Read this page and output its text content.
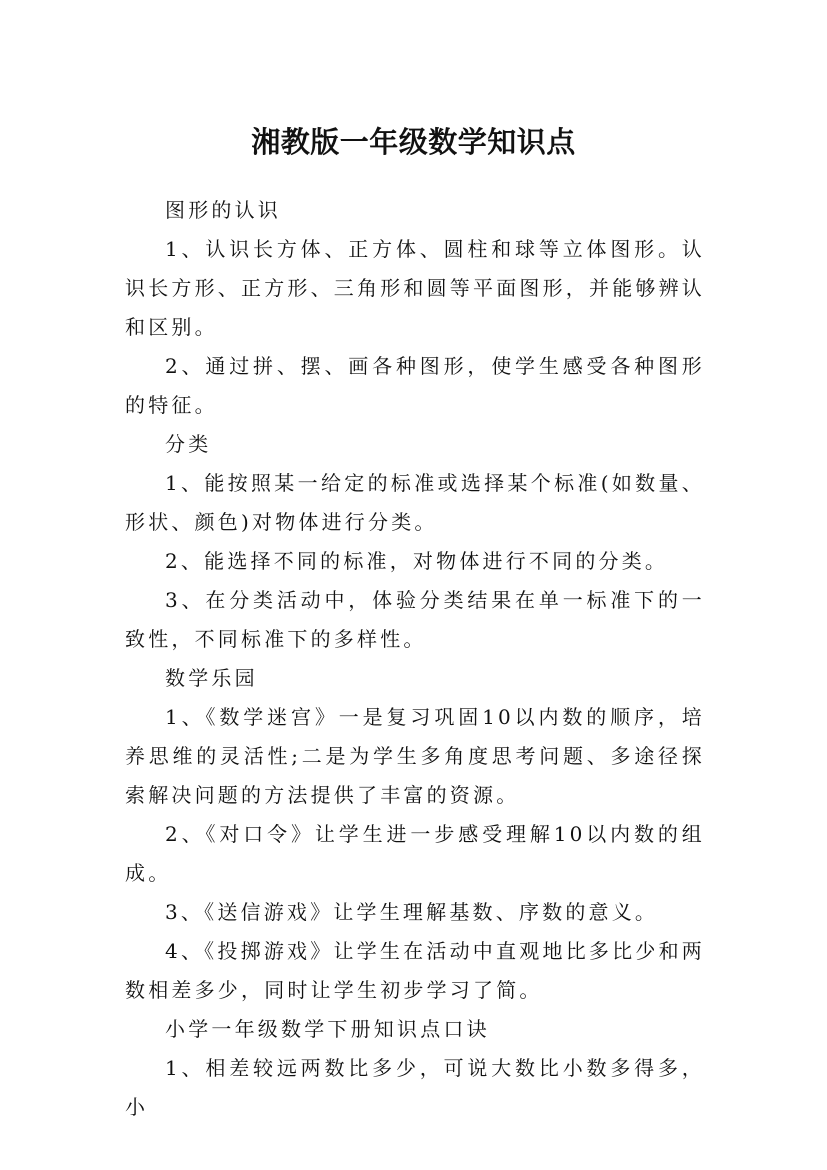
湘教版一年级数学知识点

图形的认识

1、认识长方体、正方体、圆柱和球等立体图形。认识长方形、正方形、三角形和圆等平面图形，并能够辨认和区别。

2、通过拼、摆、画各种图形，使学生感受各种图形的特征。

分类

1、能按照某一给定的标准或选择某个标准(如数量、形状、颜色)对物体进行分类。

2、能选择不同的标准，对物体进行不同的分类。

3、在分类活动中，体验分类结果在单一标准下的一致性，不同标准下的多样性。

数学乐园

1、《数学迷宫》一是复习巩固10以内数的顺序，培养思维的灵活性;二是为学生多角度思考问题、多途径探索解决问题的方法提供了丰富的资源。

2、《对口令》让学生进一步感受理解10以内数的组成。

3、《送信游戏》让学生理解基数、序数的意义。

4、《投掷游戏》让学生在活动中直观地比多比少和两数相差多少，同时让学生初步学习了简。

小学一年级数学下册知识点口诀

1、相差较远两数比多少，可说大数比小数多得多，小
